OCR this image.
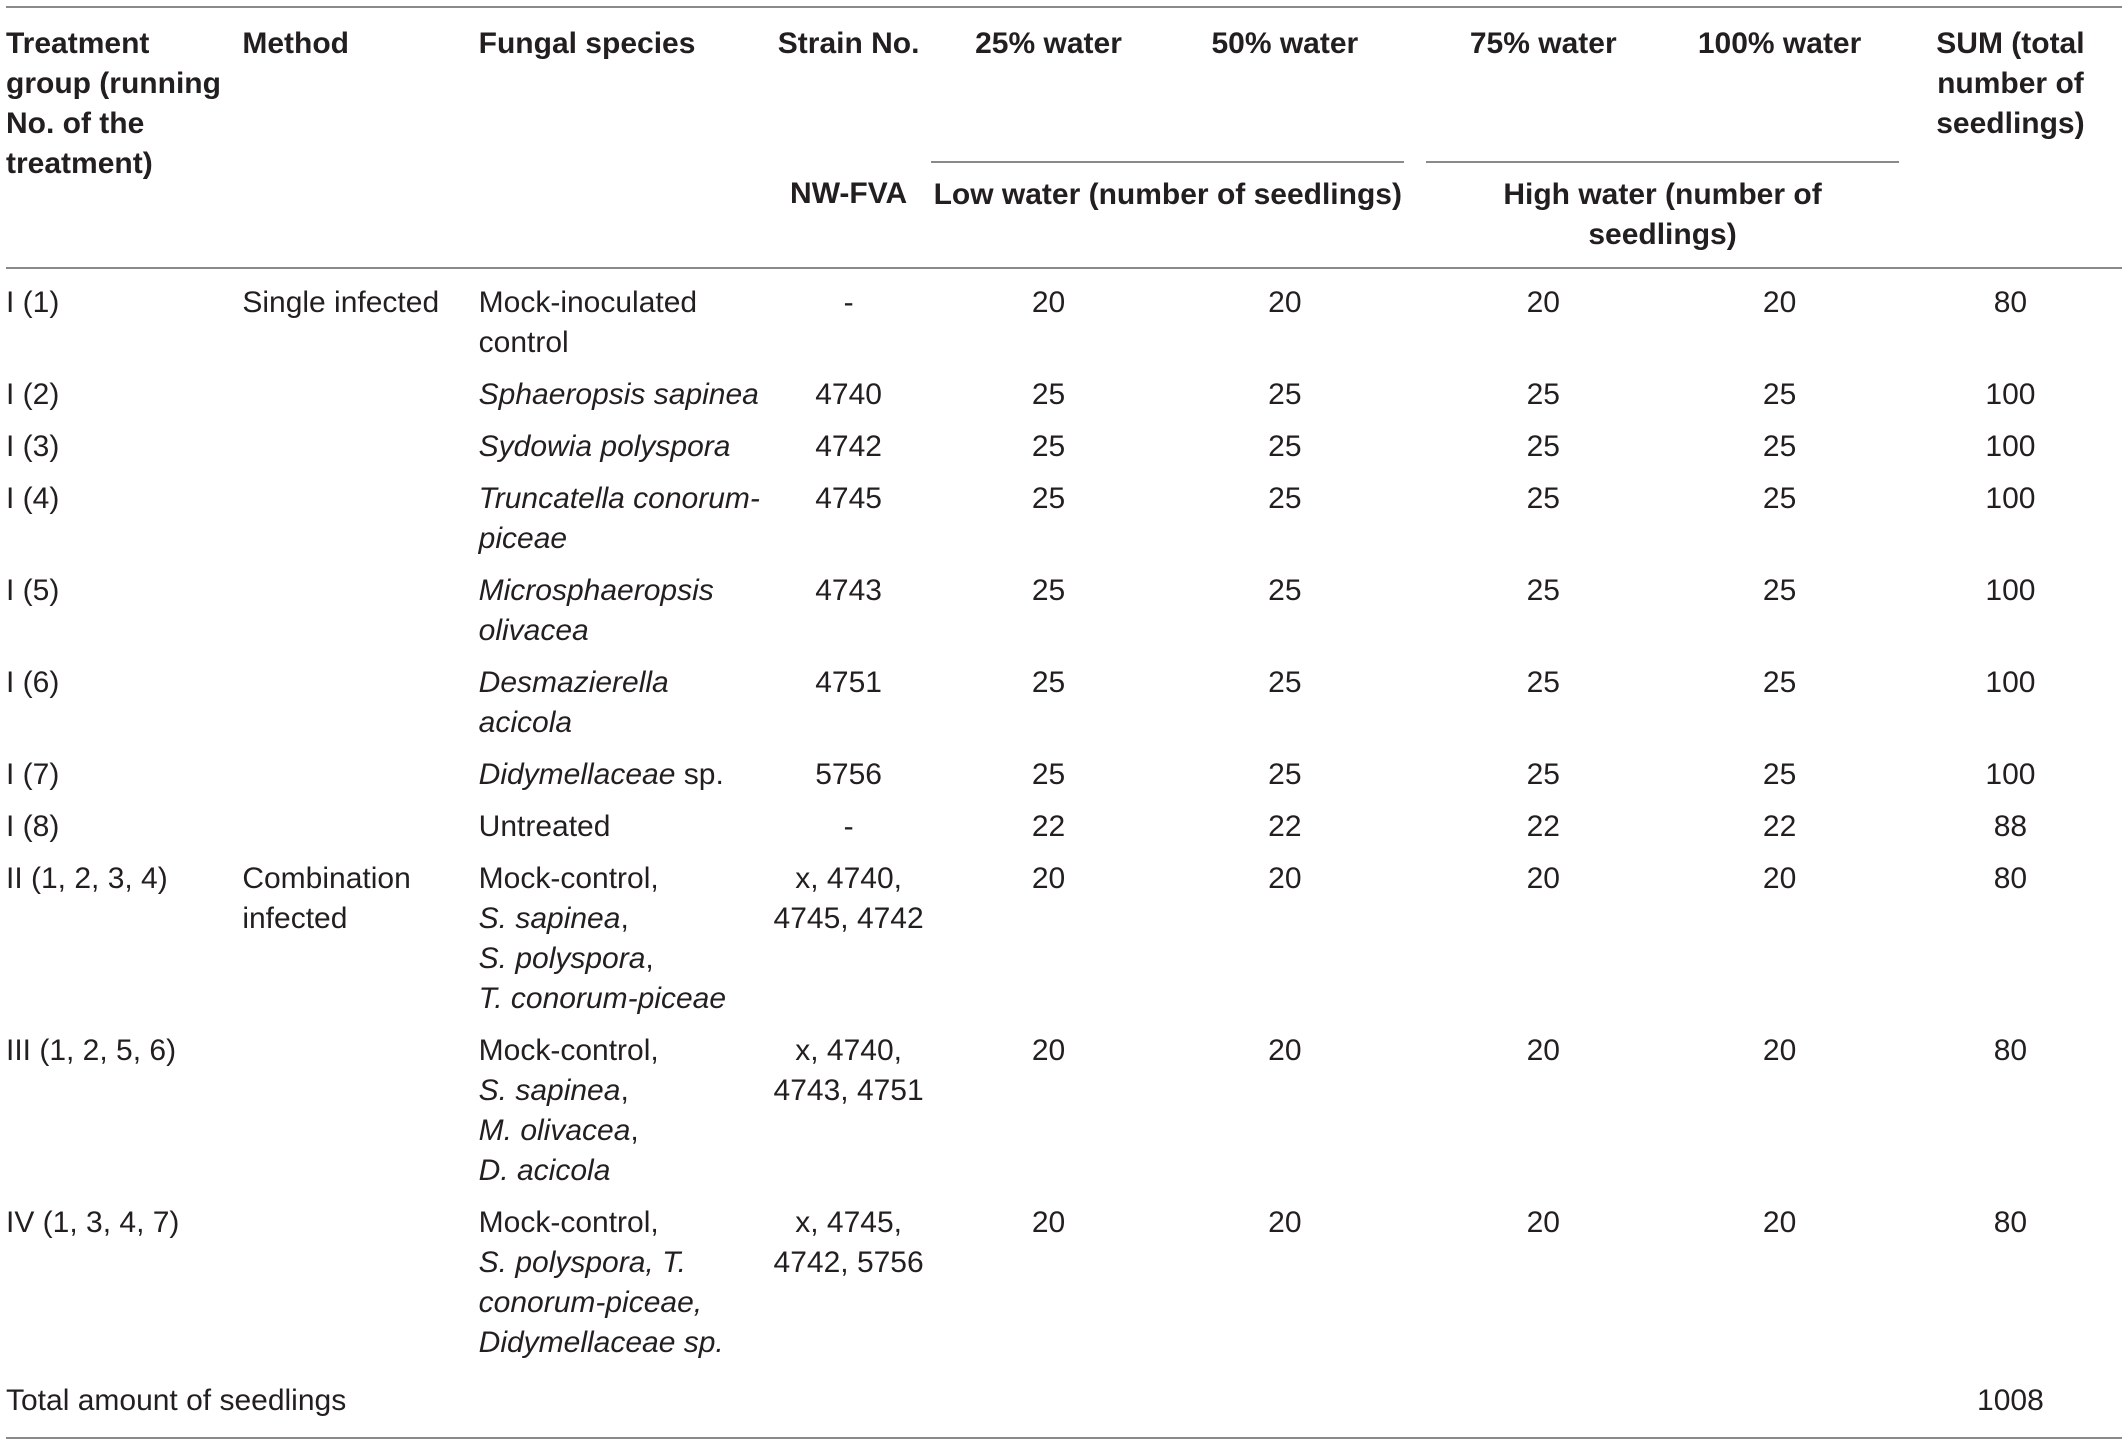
Treatment group (running No. of the treatment)	Method	Fungal species	Strain No.	25% water	50% water		75% water	100% water	SUM (total number of seedlings)
			NW-FVA	Low water (number of seedlings)			High water (number of seedlings)		
I (1)	Single infected	Mock-inoculated control	-	20	20		20	20	80
I (2)		Sphaeropsis sapinea	4740	25	25		25	25	100
I (3)		Sydowia polyspora	4742	25	25		25	25	100
I (4)		Truncatella conorum-piceae	4745	25	25		25	25	100
I (5)		Microsphaeropsis olivacea	4743	25	25		25	25	100
I (6)		Desmazierella acicola	4751	25	25		25	25	100
I (7)		Didymellaceae sp.	5756	25	25		25	25	100
I (8)		Untreated	-	22	22		22	22	88
II (1, 2, 3, 4)	Combination infected	Mock-control,
S. sapinea,
S. polyspora,
T. conorum-piceae	x, 4740, 4745, 4742	20	20		20	20	80
III (1, 2, 5, 6)		Mock-control,
S. sapinea,
M. olivacea,
D. acicola	x, 4740, 4743, 4751	20	20		20	20	80
IV (1, 3, 4, 7)		Mock-control,
S. polyspora, T. conorum-piceae, Didymellaceae sp.	x, 4745, 4742, 5756	20	20		20	20	80
Total amount of seedlings									1008
